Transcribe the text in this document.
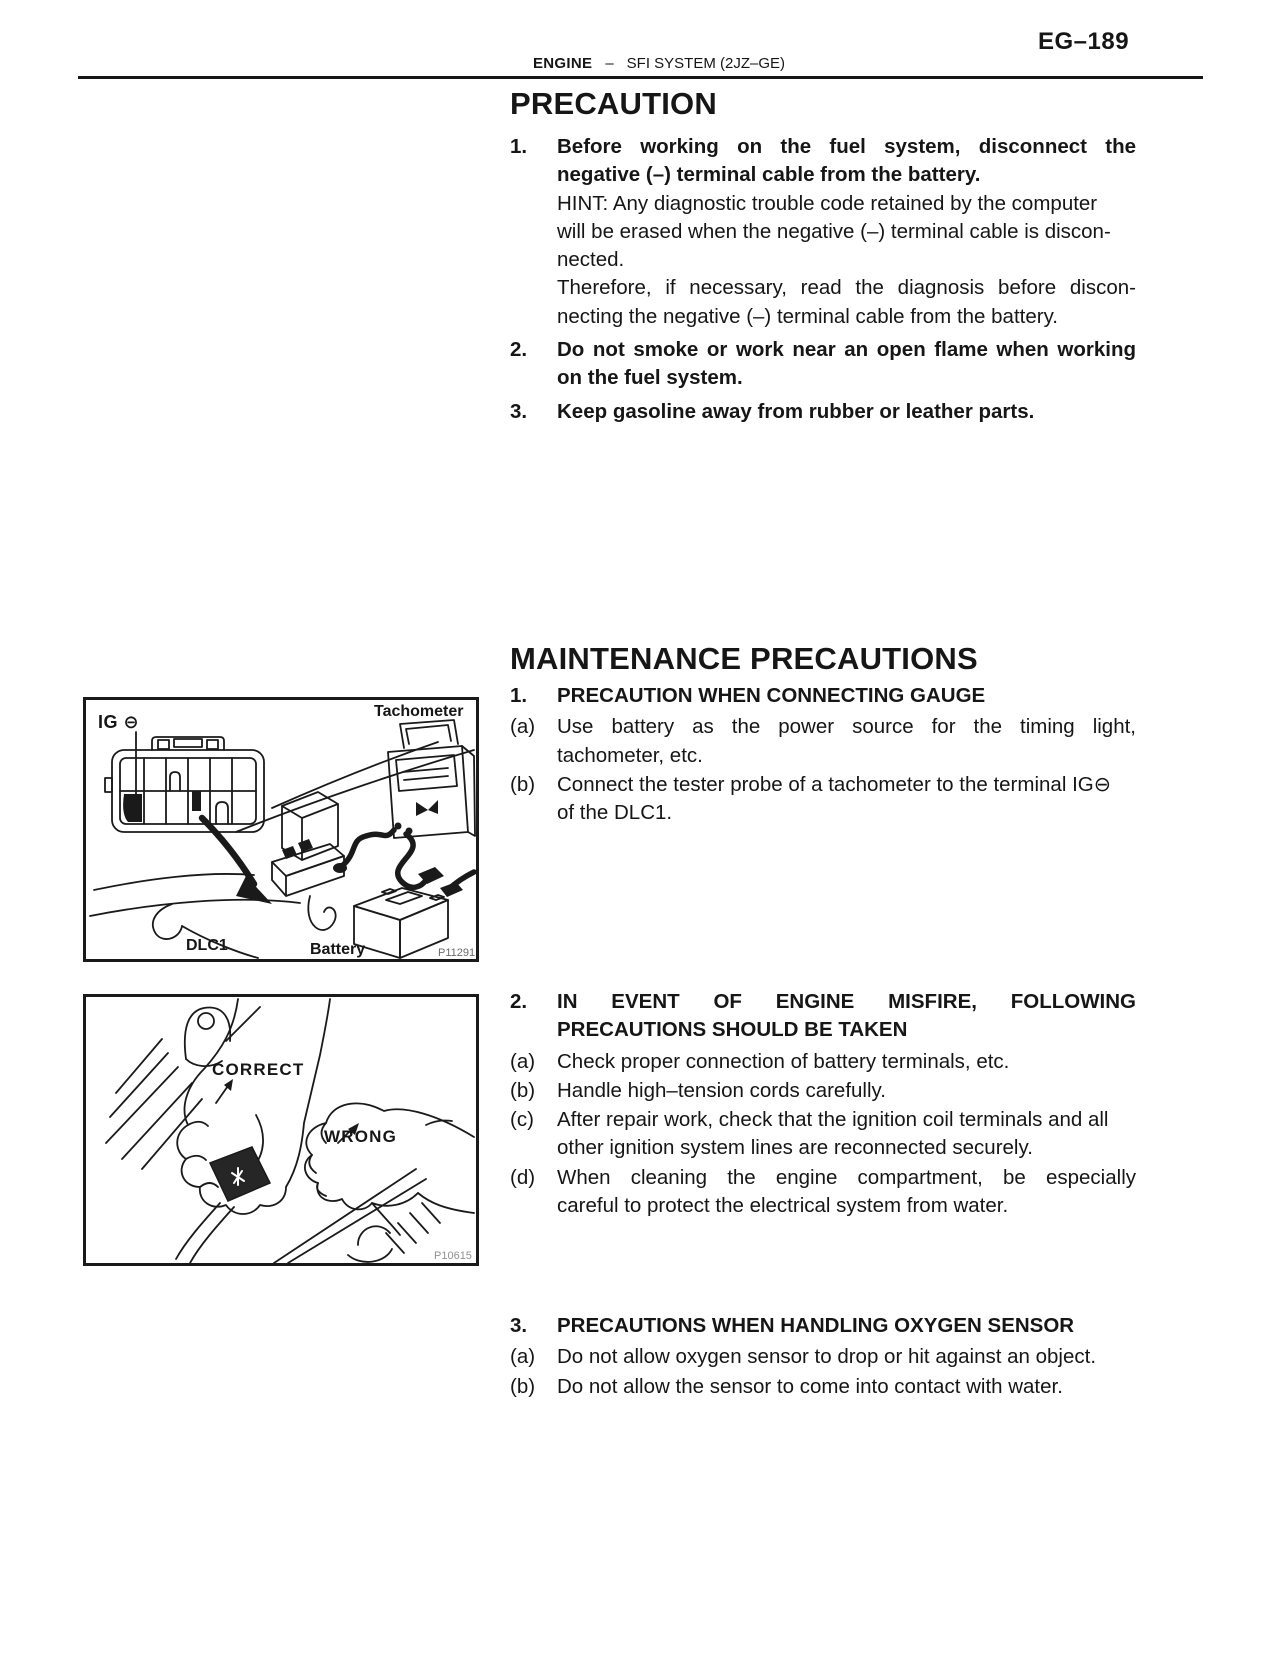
EG–189
ENGINE – SFI SYSTEM (2JZ–GE)
PRECAUTION
1.	Before working on the fuel system, disconnect the
negative (–) terminal cable from the battery.
HINT: Any diagnostic trouble code retained by the computer
will be erased when the negative (–) terminal cable is discon-
nected.
Therefore, if necessary, read the diagnosis before discon-
necting the negative (–) terminal cable from the battery.
2.	Do not smoke or work near an open flame when working
on the fuel system.
3.	Keep gasoline away from rubber or leather parts.
MAINTENANCE PRECAUTIONS
1.	PRECAUTION WHEN CONNECTING GAUGE
(a)	Use battery as the power source for the timing light,
tachometer, etc.
(b)	Connect the tester probe of a tachometer to the terminal IG⊖
of the DLC1.
2.	IN EVENT OF ENGINE MISFIRE, FOLLOWING
PRECAUTIONS SHOULD BE TAKEN
(a)	Check proper connection of battery terminals, etc.
(b)	Handle high–tension cords carefully.
(c)	After repair work, check that the ignition coil terminals and all
other ignition system lines are reconnected securely.
(d)	When cleaning the engine compartment, be especially
careful to protect the electrical system from water.
3.	PRECAUTIONS WHEN HANDLING OXYGEN SENSOR
(a)	Do not allow oxygen sensor to drop or hit against an object.
(b)	Do not allow the sensor to come into contact with water.
IG ⊖
Tachometer
DLC1	Battery	P11291
CORRECT
WRONG
P10615
